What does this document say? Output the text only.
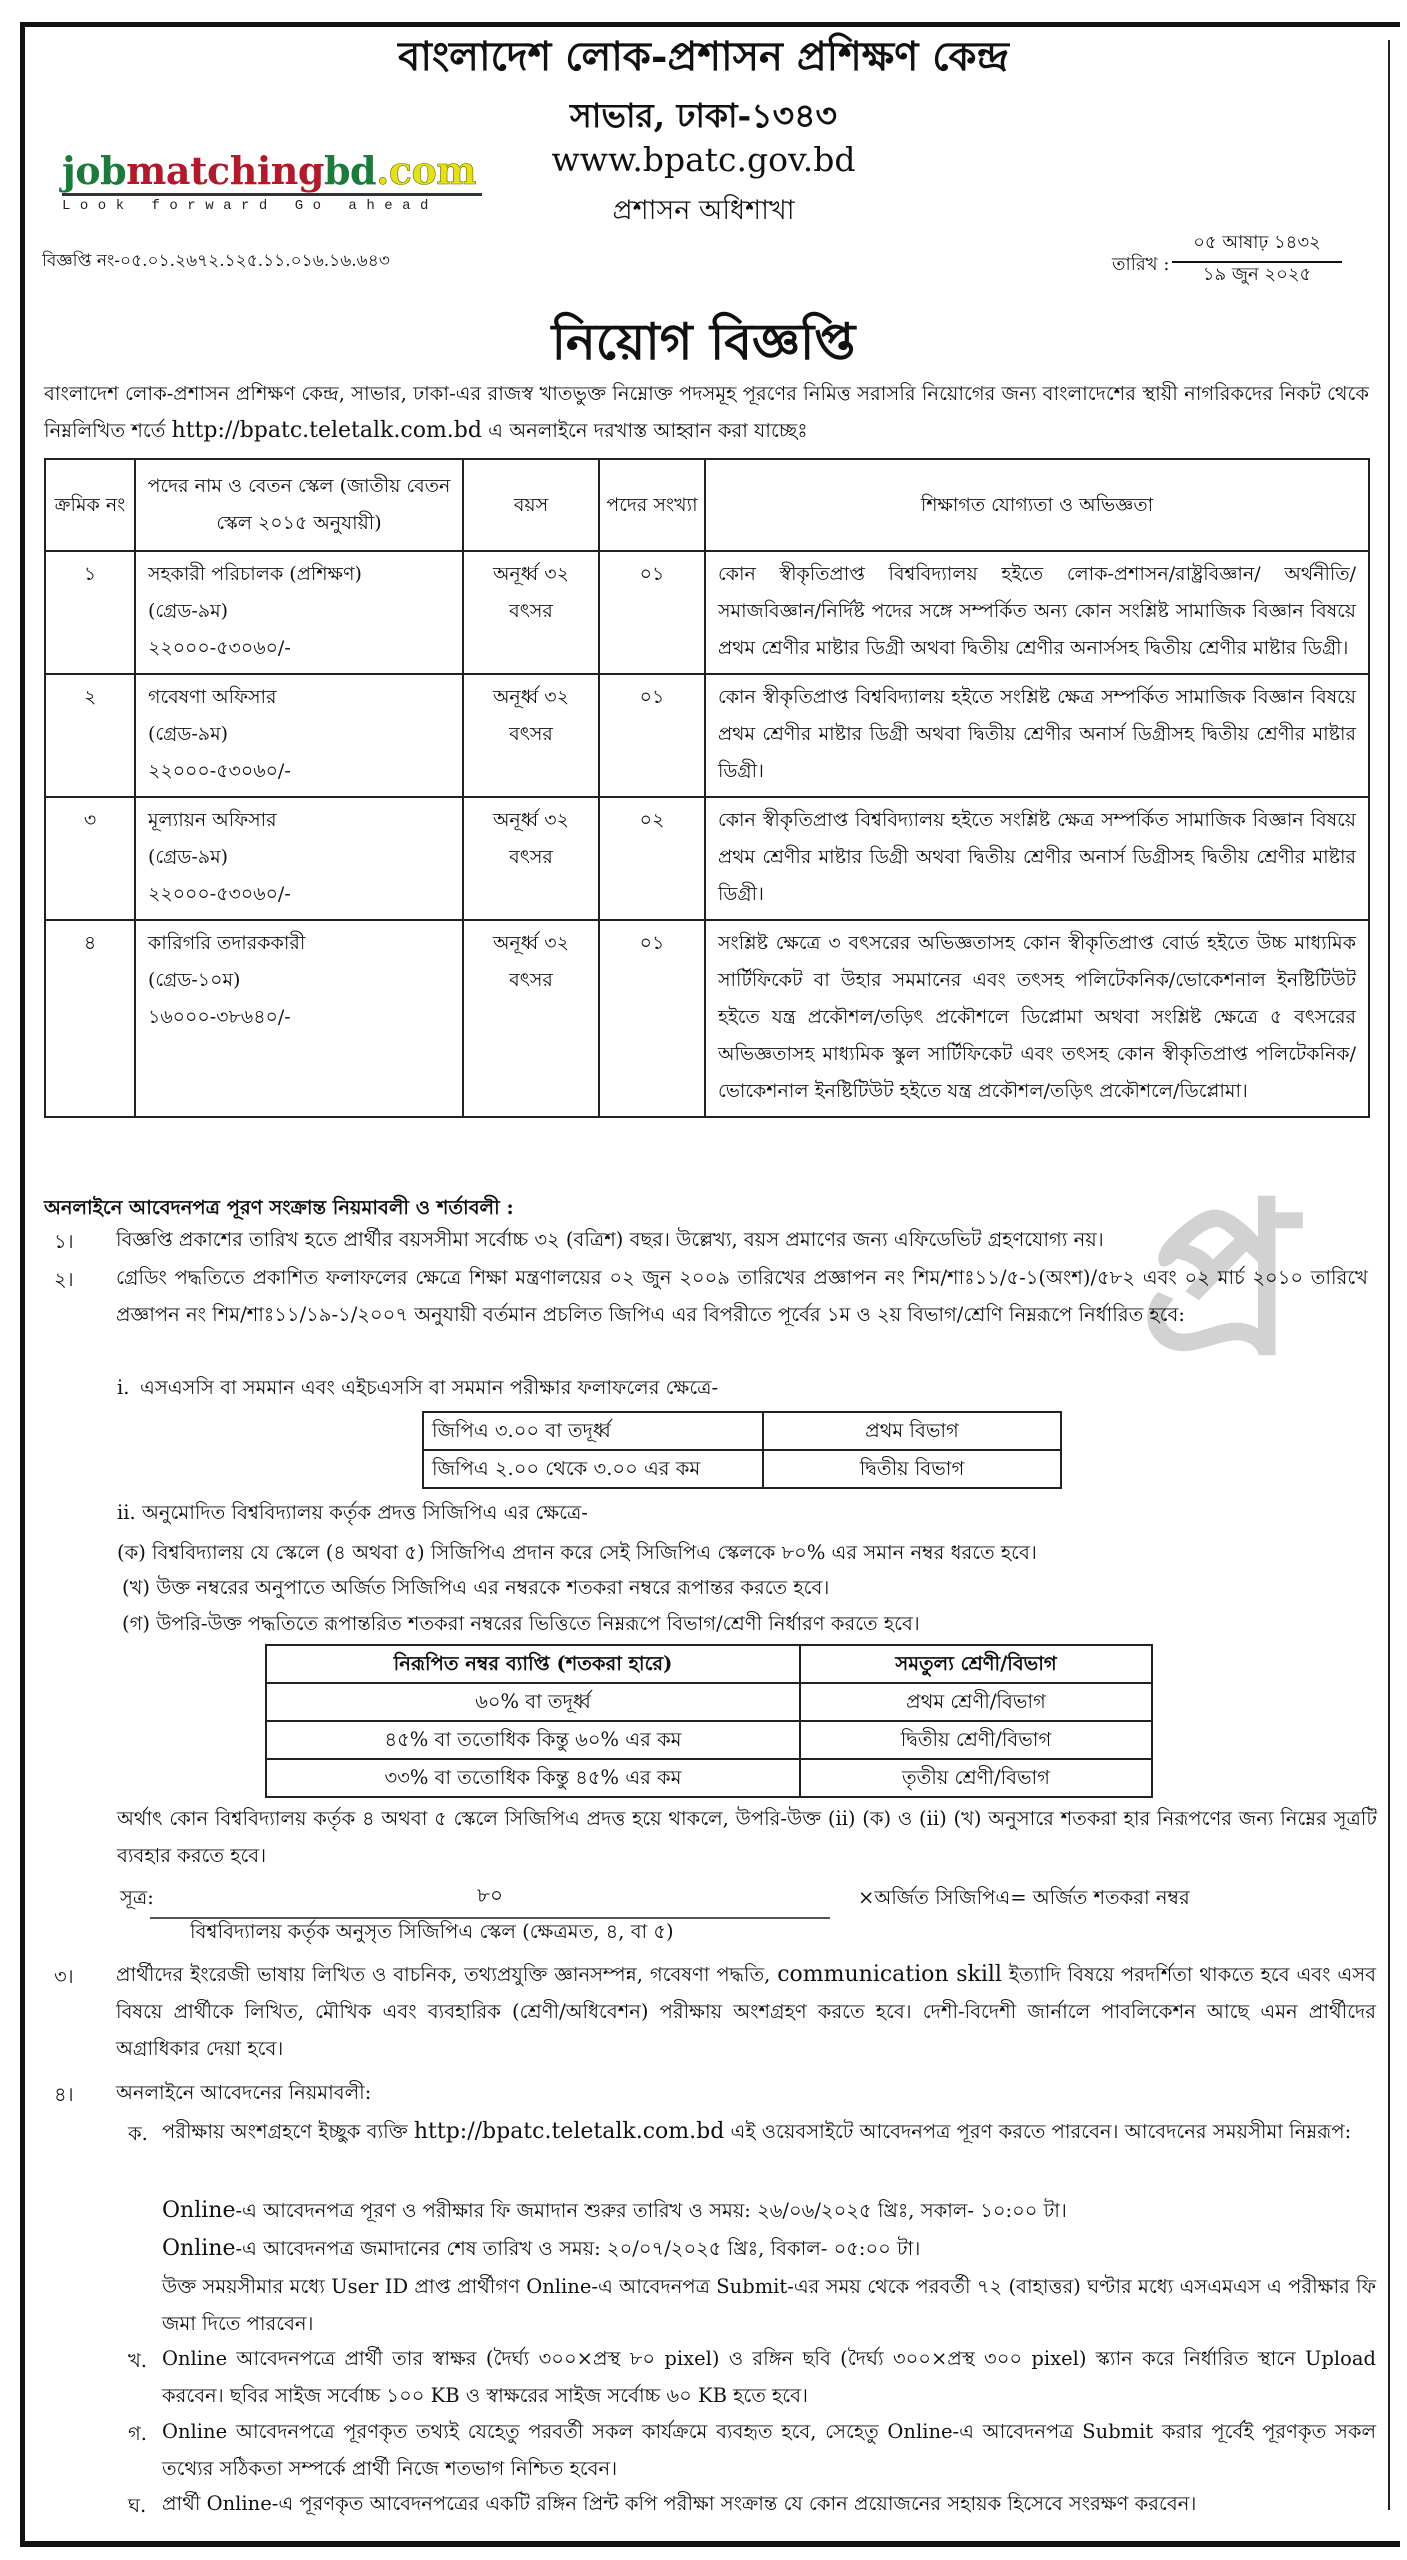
প্র
বাংলাদেশ লোক-প্রশাসন প্রশিক্ষণ কেন্দ্র
সাভার, ঢাকা-১৩৪৩
www.bpatc.gov.bd
প্রশাসন অধিশাখা
jobmatchingbd.com
Look forward Go ahead
বিজ্ঞপ্তি নং-০৫.০১.২৬৭২.১২৫.১১.০১৬.১৬.৬৪৩	তারিখ :
০৫ আষাঢ় ১৪৩২
১৯ জুন ২০২৫
নিয়োগ বিজ্ঞপ্তি
বাংলাদেশ লোক-প্রশাসন প্রশিক্ষণ কেন্দ্র, সাভার, ঢাকা-এর রাজস্ব খাতভুক্ত নিম্নোক্ত পদসমূহ পূরণের নিমিত্ত সরাসরি নিয়োগের জন্য বাংলাদেশের স্থায়ী নাগরিকদের নিকট থেকে নিম্নলিখিত শর্তে http://bpatc.teletalk.com.bd এ অনলাইনে দরখাস্ত আহ্বান করা যাচ্ছেঃ
ক্রমিক নং	পদের নাম ও বেতন স্কেল (জাতীয় বেতন স্কেল ২০১৫ অনুযায়ী)	বয়স	পদের সংখ্যা	শিক্ষাগত যোগ্যতা ও অভিজ্ঞতা
১	সহকারী পরিচালক (প্রশিক্ষণ)
(গ্রেড-৯ম)
২২০০০-৫৩০৬০/-
	অনূর্ধ্ব ৩২ বৎসর	০১	কোন স্বীকৃতিপ্রাপ্ত বিশ্ববিদ্যালয় হইতে লোক-প্রশাসন/রাষ্ট্রবিজ্ঞান/ অর্থনীতি/সমাজবিজ্ঞান/নির্দিষ্ট পদের সঙ্গে সম্পর্কিত অন্য কোন সংশ্লিষ্ট সামাজিক বিজ্ঞান বিষয়ে প্রথম শ্রেণীর মাষ্টার ডিগ্রী অথবা দ্বিতীয় শ্রেণীর অনার্সসহ দ্বিতীয় শ্রেণীর মাষ্টার ডিগ্রী।
২	গবেষণা অফিসার
(গ্রেড-৯ম)
২২০০০-৫৩০৬০/-	অনূর্ধ্ব ৩২ বৎসর	০১	কোন স্বীকৃতিপ্রাপ্ত বিশ্ববিদ্যালয় হইতে সংশ্লিষ্ট ক্ষেত্র সম্পর্কিত সামাজিক বিজ্ঞান বিষয়ে প্রথম শ্রেণীর মাষ্টার ডিগ্রী অথবা দ্বিতীয় শ্রেণীর অনার্স ডিগ্রীসহ দ্বিতীয় শ্রেণীর মাষ্টার ডিগ্রী।
৩	মূল্যায়ন অফিসার
(গ্রেড-৯ম)
২২০০০-৫৩০৬০/-	অনূর্ধ্ব ৩২ বৎসর	০২	কোন স্বীকৃতিপ্রাপ্ত বিশ্ববিদ্যালয় হইতে সংশ্লিষ্ট ক্ষেত্র সম্পর্কিত সামাজিক বিজ্ঞান বিষয়ে প্রথম শ্রেণীর মাষ্টার ডিগ্রী অথবা দ্বিতীয় শ্রেণীর অনার্স ডিগ্রীসহ দ্বিতীয় শ্রেণীর মাষ্টার ডিগ্রী।
৪	কারিগরি তদারককারী
(গ্রেড-১০ম)
১৬০০০-৩৮৬৪০/-
	অনূর্ধ্ব ৩২ বৎসর	০১	সংশ্লিষ্ট ক্ষেত্রে ৩ বৎসরের অভিজ্ঞতাসহ কোন স্বীকৃতিপ্রাপ্ত বোর্ড হইতে উচ্চ মাধ্যমিক সার্টিফিকেট বা উহার সমমানের এবং তৎসহ পলিটেকনিক/ভোকেশনাল ইনষ্টিটিউট হইতে যন্ত্র প্রকৌশল/তড়িৎ প্রকৌশলে ডিপ্লোমা অথবা সংশ্লিষ্ট ক্ষেত্রে ৫ বৎসরের অভিজ্ঞতাসহ মাধ্যমিক স্কুল সার্টিফিকেট এবং তৎসহ কোন স্বীকৃতিপ্রাপ্ত পলিটেকনিক/ভোকেশনাল ইনষ্টিটিউট হইতে যন্ত্র প্রকৌশল/তড়িৎ প্রকৌশলে/ডিপ্লোমা।
অনলাইনে আবেদনপত্র পূরণ সংক্রান্ত নিয়মাবলী ও শর্তাবলী :
১। বিজ্ঞপ্তি প্রকাশের তারিখ হতে প্রার্থীর বয়সসীমা সর্বোচ্চ ৩২ (বত্রিশ) বছর। উল্লেখ্য, বয়স প্রমাণের জন্য এফিডেভিট গ্রহণযোগ্য নয়।
২। গ্রেডিং পদ্ধতিতে প্রকাশিত ফলাফলের ক্ষেত্রে শিক্ষা মন্ত্রণালয়ের ০২ জুন ২০০৯ তারিখের প্রজ্ঞাপন নং শিম/শাঃ১১/৫-১(অংশ)/৫৮২ এবং ০২ মার্চ ২০১০ তারিখে প্রজ্ঞাপন নং শিম/শাঃ১১/১৯-১/২০০৭ অনুযায়ী বর্তমান প্রচলিত জিপিএ এর বিপরীতে পূর্বের ১ম ও ২য় বিভাগ/শ্রেণি নিম্নরূপে নির্ধারিত হবে:
i. এসএসসি বা সমমান এবং এইচএসসি বা সমমান পরীক্ষার ফলাফলের ক্ষেত্রে-
জিপিএ ৩.০০ বা তদূর্ধ্ব	প্রথম বিভাগ
জিপিএ ২.০০ থেকে ৩.০০ এর কম	দ্বিতীয় বিভাগ
ii. অনুমোদিত বিশ্ববিদ্যালয় কর্তৃক প্রদত্ত সিজিপিএ এর ক্ষেত্রে-
(ক) বিশ্ববিদ্যালয় যে স্কেলে (৪ অথবা ৫) সিজিপিএ প্রদান করে সেই সিজিপিএ স্কেলকে ৮০% এর সমান নম্বর ধরতে হবে।
(খ) উক্ত নম্বরের অনুপাতে অর্জিত সিজিপিএ এর নম্বরকে শতকরা নম্বরে রূপান্তর করতে হবে।
(গ) উপরি-উক্ত পদ্ধতিতে রূপান্তরিত শতকরা নম্বরের ভিত্তিতে নিম্নরূপে বিভাগ/শ্রেণী নির্ধারণ করতে হবে।
নিরূপিত নম্বর ব্যাপ্তি (শতকরা হারে)	সমতুল্য শ্রেণী/বিভাগ
৬০% বা তদূর্ধ্ব	প্রথম শ্রেণী/বিভাগ
৪৫% বা ততোধিক কিন্তু ৬০% এর কম	দ্বিতীয় শ্রেণী/বিভাগ
৩৩% বা ততোধিক কিন্তু ৪৫% এর কম	তৃতীয় শ্রেণী/বিভাগ
অর্থাৎ কোন বিশ্ববিদ্যালয় কর্তৃক ৪ অথবা ৫ স্কেলে সিজিপিএ প্রদত্ত হয়ে থাকলে, উপরি-উক্ত (ii) (ক) ও (ii) (খ) অনুসারে শতকরা হার নিরূপণের জন্য নিম্নের সূত্রটি ব্যবহার করতে হবে।
সূত্র:	৮০	×অর্জিত সিজিপিএ= অর্জিত শতকরা নম্বর
বিশ্ববিদ্যালয় কর্তৃক অনুসৃত সিজিপিএ স্কেল (ক্ষেত্রমত, ৪, বা ৫)
৩। প্রার্থীদের ইংরেজী ভাষায় লিখিত ও বাচনিক, তথ্যপ্রযুক্তি জ্ঞানসম্পন্ন, গবেষণা পদ্ধতি, communication skill ইত্যাদি বিষয়ে পরদর্শিতা থাকতে হবে এবং এসব বিষয়ে প্রার্থীকে লিখিত, মৌখিক এবং ব্যবহারিক (শ্রেণী/অধিবেশন) পরীক্ষায় অংশগ্রহণ করতে হবে। দেশী-বিদেশী জার্নালে পাবলিকেশন আছে এমন প্রার্থীদের অগ্রাধিকার দেয়া হবে।
৪। অনলাইনে আবেদনের নিয়মাবলী:
ক. পরীক্ষায় অংশগ্রহণে ইচ্ছুক ব্যক্তি http://bpatc.teletalk.com.bd এই ওয়েবসাইটে আবেদনপত্র পূরণ করতে পারবেন। আবেদনের সময়সীমা নিম্নরূপ:
Online-এ আবেদনপত্র পূরণ ও পরীক্ষার ফি জমাদান শুরুর তারিখ ও সময়: ২৬/০৬/২০২৫ খ্রিঃ, সকাল- ১০:০০ টা।
Online-এ আবেদনপত্র জমাদানের শেষ তারিখ ও সময়: ২০/০৭/২০২৫ খ্রিঃ, বিকাল- ০৫:০০ টা।
উক্ত সময়সীমার মধ্যে User ID প্রাপ্ত প্রার্থীগণ Online-এ আবেদনপত্র Submit-এর সময় থেকে পরবর্তী ৭২ (বাহাত্তর) ঘণ্টার মধ্যে এসএমএস এ পরীক্ষার ফি জমা দিতে পারবেন।
খ. Online আবেদনপত্রে প্রার্থী তার স্বাক্ষর (দৈর্ঘ্য ৩০০×প্রস্থ ৮০ pixel) ও রঙ্গিন ছবি (দৈর্ঘ্য ৩০০×প্রস্থ ৩০০ pixel) স্ক্যান করে নির্ধারিত স্থানে Upload করবেন। ছবির সাইজ সর্বোচ্চ ১০০ KB ও স্বাক্ষরের সাইজ সর্বোচ্চ ৬০ KB হতে হবে।
গ. Online আবেদনপত্রে পূরণকৃত তথ্যই যেহেতু পরবর্তী সকল কার্যক্রমে ব্যবহৃত হবে, সেহেতু Online-এ আবেদনপত্র Submit করার পূর্বেই পূরণকৃত সকল তথ্যের সঠিকতা সম্পর্কে প্রার্থী নিজে শতভাগ নিশ্চিত হবেন।
ঘ. প্রার্থী Online-এ পূরণকৃত আবেদনপত্রের একটি রঙ্গিন প্রিন্ট কপি পরীক্ষা সংক্রান্ত যে কোন প্রয়োজনের সহায়ক হিসেবে সংরক্ষণ করবেন।
